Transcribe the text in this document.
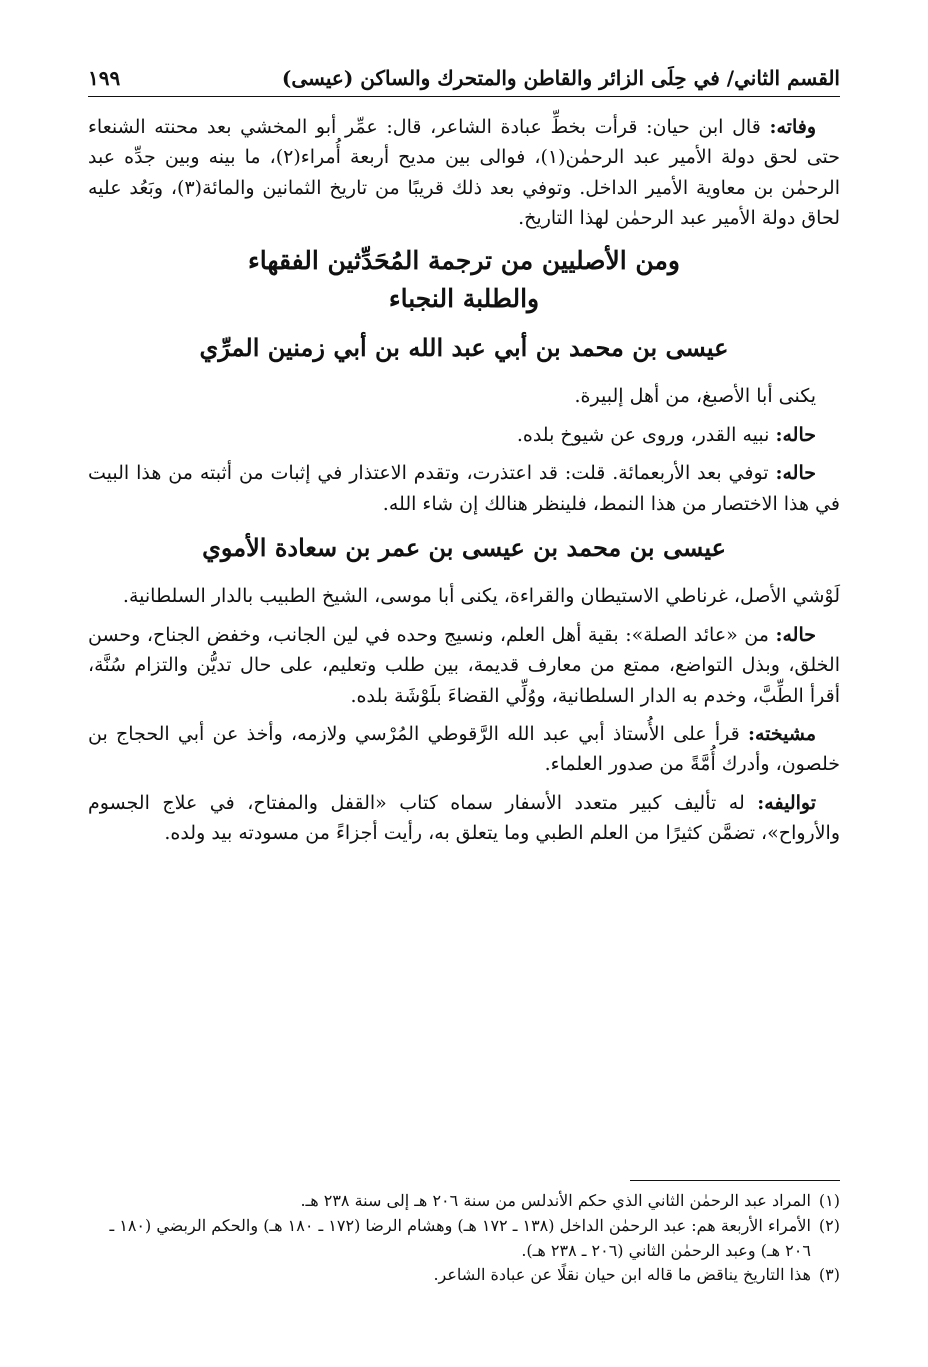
القسم الثاني/ في حِلَى الزائر والقاطن والمتحرك والساكن (عيسى)
١٩٩

وفاته: قال ابن حيان: قرأت بخطِّ عبادة الشاعر، قال: عمِّر أبو المخشي بعد محنته الشنعاء حتى لحق دولة الأمير عبد الرحمٰن(١)، فوالى بين مديح أربعة أُمراء(٢)، ما بينه وبين جدِّه عبد الرحمٰن بن معاوية الأمير الداخل. وتوفي بعد ذلك قريبًا من تاريخ الثمانين والمائة(٣)، وبَعُد عليه لحاق دولة الأمير عبد الرحمٰن لهذا التاريخ.

ومن الأصليين من ترجمة المُحَدِّثين الفقهاء
والطلبة النجباء
عيسى بن محمد بن أبي عبد الله بن أبي زمنين المرِّي

يكنى أبا الأصبغ، من أهل إلبيرة.

حاله: نبيه القدر، وروى عن شيوخ بلده.

حاله: توفي بعد الأربعمائة. قلت: قد اعتذرت، وتقدم الاعتذار في إثبات من أثبته من هذا البيت في هذا الاختصار من هذا النمط، فلينظر هنالك إن شاء الله.

عيسى بن محمد بن عيسى بن عمر بن سعادة الأموي

لَوْشي الأصل، غرناطي الاستيطان والقراءة، يكنى أبا موسى، الشيخ الطبيب بالدار السلطانية.

حاله: من «عائد الصلة»: بقية أهل العلم، ونسيج وحده في لين الجانب، وخفض الجناح، وحسن الخلق، وبذل التواضع، ممتع من معارف قديمة، بين طلب وتعليم، على حال تديُّن والتزام سُنَّة، أقرأ الطِّبَّ، وخدم به الدار السلطانية، ووُلِّي القضاءَ بلَوْشَة بلده.

مشيخته: قرأ على الأُستاذ أبي عبد الله الرَّقوطي المُرْسي ولازمه، وأخذ عن أبي الحجاج بن خلصون، وأدرك أُمَّةً من صدور العلماء.

تواليفه: له تأليف كبير متعدد الأسفار سماه كتاب «القفل والمفتاح، في علاج الجسوم والأرواح»، تضمَّن كثيرًا من العلم الطبي وما يتعلق به، رأيت أجزاءً من مسودته بيد ولده.

(١)
المراد عبد الرحمٰن الثاني الذي حكم الأندلس من سنة ٢٠٦ هـ إلى سنة ٢٣٨ هـ.

(٢)
الأمراء الأربعة هم: عبد الرحمٰن الداخل (١٣٨ ـ ١٧٢ هـ) وهشام الرضا (١٧٢ ـ ١٨٠ هـ) والحكم الربضي (١٨٠ ـ ٢٠٦ هـ) وعبد الرحمٰن الثاني (٢٠٦ ـ ٢٣٨ هـ).

(٣)
هذا التاريخ يناقض ما قاله ابن حيان نقلًا عن عبادة الشاعر.
